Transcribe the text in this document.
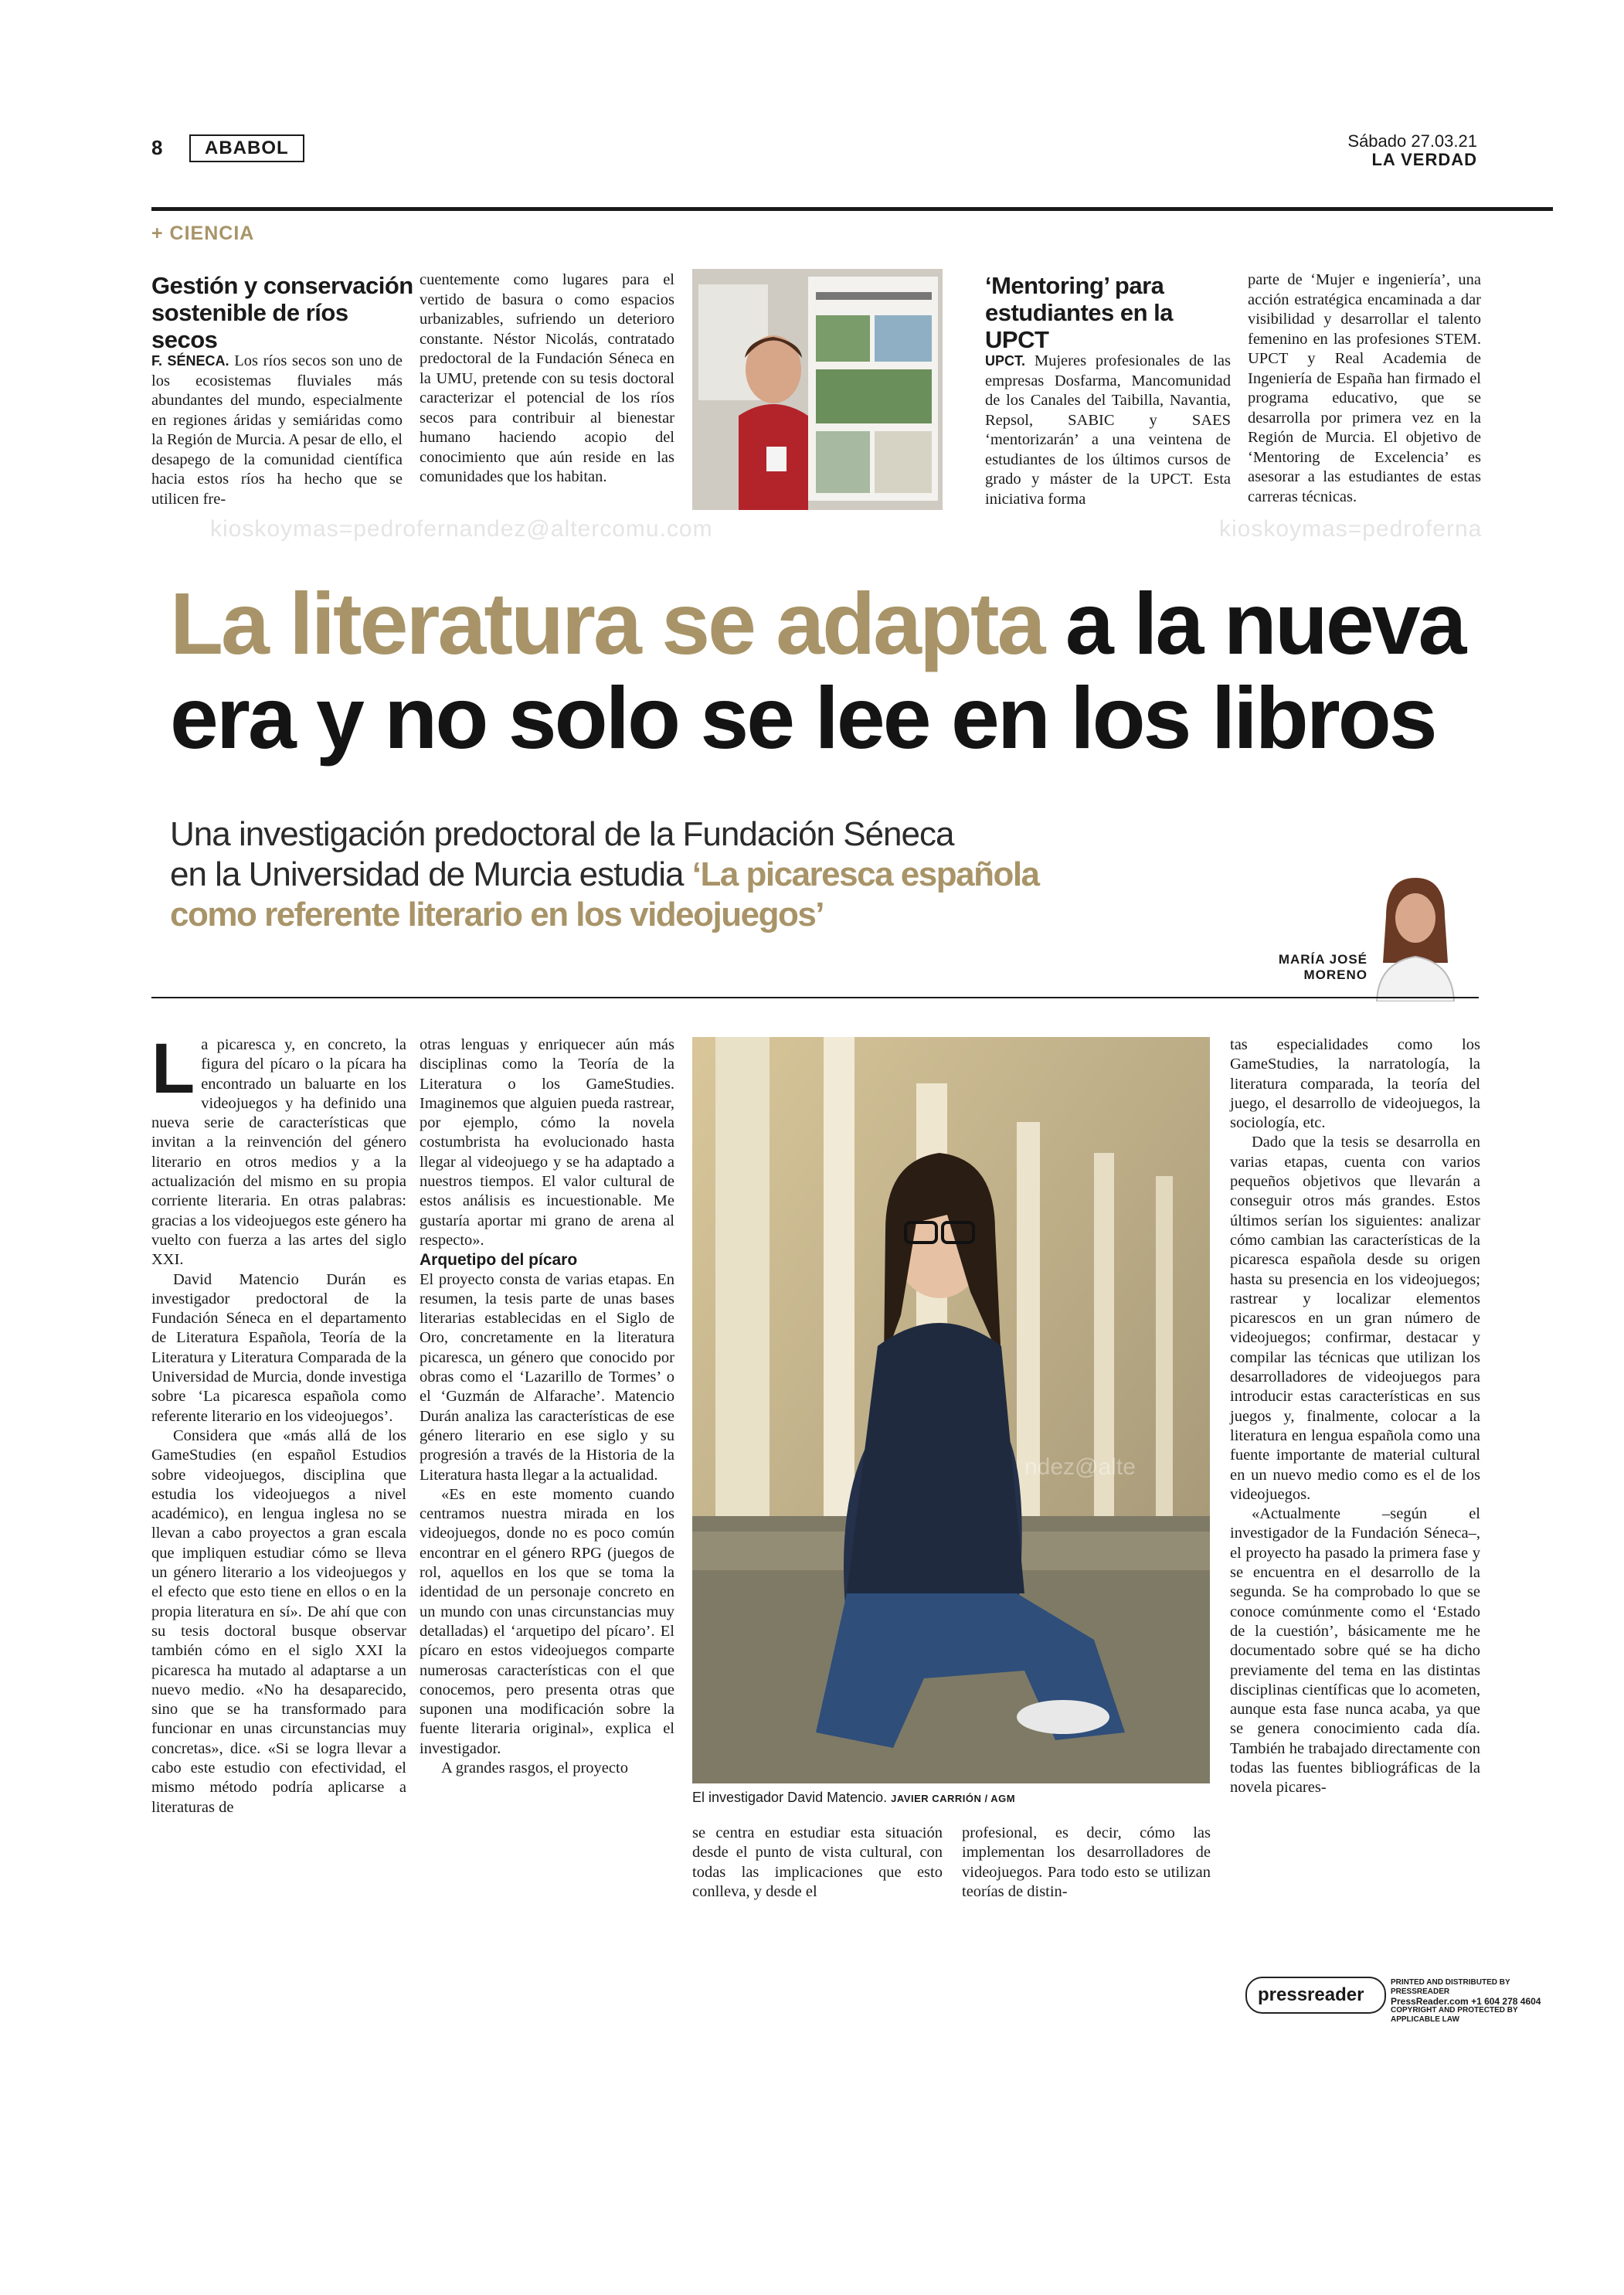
8	ABABOL	Sábado 27.03.21
LA VERDAD
+ CIENCIA
Gestión y conservación
sostenible de ríos secos

F. SÉNECA. Los ríos secos son uno de los ecosistemas fluviales más abundantes del mundo, especialmente en regiones áridas y semiáridas como la Región de Murcia. A pesar de ello, el desapego de la comunidad científica hacia estos ríos ha hecho que se utilicen fre-

cuentemente como lugares para el vertido de basura o como espacios urbanizables, sufriendo un deterioro constante. Néstor Nicolás, contratado predoctoral de la Fundación Séneca en la UMU, pretende con su tesis doctoral caracterizar el potencial de los ríos secos para contribuir al bienestar humano haciendo acopio del conocimiento que aún reside en las comunidades que los habitan.

‘Mentoring’ para
estudiantes en la UPCT

UPCT. Mujeres profesionales de las empresas Dosfarma, Mancomunidad de los Canales del Taibilla, Navantia, Repsol, SABIC y SAES ‘mentorizarán’ a una veintena de estudiantes de los últimos cursos de grado y máster de la UPCT. Esta iniciativa forma

parte de ‘Mujer e ingeniería’, una acción estratégica encaminada a dar visibilidad y desarrollar el talento femenino en las profesiones STEM. UPCT y Real Academia de Ingeniería de España han firmado el programa educativo, que se desarrolla por primera vez en la Región de Murcia. El objetivo de ‘Mentoring de Excelencia’ es asesorar a las estudiantes de estas carreras técnicas.

kioskoymas=pedrofernandez@altercomu.com	kioskoymas=pedroferna
La literatura se adapta a la nueva
era y no solo se lee en los libros
Una investigación predoctoral de la Fundación Séneca
en la Universidad de Murcia estudia ‘La picaresca española
como referente literario en los videojuegos’
MARÍA JOSÉ
MORENO

La picaresca y, en concreto, la figura del pícaro o la pícara ha encontrado un baluarte en los videojuegos y ha definido una nueva serie de características que invitan a la reinvención del género literario en otros medios y a la actualización del mismo en su propia corriente literaria. En otras palabras: gracias a los videojuegos este género ha vuelto con fuerza a las artes del siglo XXI.

David Matencio Durán es investigador predoctoral de la Fundación Séneca en el departamento de Literatura Española, Teoría de la Literatura y Literatura Comparada de la Universidad de Murcia, donde investiga sobre ‘La picaresca española como referente literario en los videojuegos’.

Considera que «más allá de los GameStudies (en español Estudios sobre videojuegos, disciplina que estudia los videojuegos a nivel académico), en lengua inglesa no se llevan a cabo proyectos a gran escala que impliquen estudiar cómo se lleva un género literario a los videojuegos y el efecto que esto tiene en ellos o en la propia literatura en sí». De ahí que con su tesis doctoral busque observar también cómo en el siglo XXI la picaresca ha mutado al adaptarse a un nuevo medio. «No ha desaparecido, sino que se ha transformado para funcionar en unas circunstancias muy concretas», dice. «Si se logra llevar a cabo este estudio con efectividad, el mismo método podría aplicarse a literaturas de

otras lenguas y enriquecer aún más disciplinas como la Teoría de la Literatura o los GameStudies. Imaginemos que alguien pueda rastrear, por ejemplo, cómo la novela costumbrista ha evolucionado hasta llegar al videojuego y se ha adaptado a nuestros tiempos. El valor cultural de estos análisis es incuestionable. Me gustaría aportar mi grano de arena al respecto».

Arquetipo del pícaro

El proyecto consta de varias etapas. En resumen, la tesis parte de unas bases literarias establecidas en el Siglo de Oro, concretamente en la literatura picaresca, un género que conocido por obras como el ‘Lazarillo de Tormes’ o el ‘Guzmán de Alfarache’. Matencio Durán analiza las características de ese género literario en ese siglo y su progresión a través de la Historia de la Literatura hasta llegar a la actualidad.

«Es en este momento cuando centramos nuestra mirada en los videojuegos, donde no es poco común encontrar en el género RPG (juegos de rol, aquellos en los que se toma la identidad de un personaje concreto en un mundo con unas circunstancias muy detalladas) el ‘arquetipo del pícaro’. El pícaro en estos videojuegos comparte numerosas características con el que conocemos, pero presenta otras que suponen una modificación sobre la fuente literaria original», explica el investigador.

A grandes rasgos, el proyecto

ndez@alte
El investigador David Matencio. JAVIER CARRIÓN / AGM

se centra en estudiar esta situación desde el punto de vista cultural, con todas las implicaciones que esto conlleva, y desde el

profesional, es decir, cómo las implementan los desarrolladores de videojuegos. Para todo esto se utilizan teorías de distin-

tas especialidades como los GameStudies, la narratología, la literatura comparada, la teoría del juego, el desarrollo de videojuegos, la sociología, etc.

Dado que la tesis se desarrolla en varias etapas, cuenta con varios pequeños objetivos que llevarán a conseguir otros más grandes. Estos últimos serían los siguientes: analizar cómo cambian las características de la picaresca española desde su origen hasta su presencia en los videojuegos; rastrear y localizar elementos picarescos en un gran número de videojuegos; confirmar, destacar y compilar las técnicas que utilizan los desarrolladores de videojuegos para introducir estas características en sus juegos y, finalmente, colocar a la literatura en lengua española como una fuente importante de material cultural en un nuevo medio como es el de los videojuegos.

«Actualmente –según el investigador de la Fundación Séneca–, el proyecto ha pasado la primera fase y se encuentra en el desarrollo de la segunda. Se ha comprobado lo que se conoce comúnmente como el ‘Estado de la cuestión’, básicamente me he documentado sobre qué se ha dicho previamente del tema en las distintas disciplinas científicas que lo acometen, aunque esta fase nunca acaba, ya que se genera conocimiento cada día. También he trabajado directamente con todas las fuentes bibliográficas de la novela picares-

pressreader
PRINTED AND DISTRIBUTED BY PRESSREADER
PressReader.com +1 604 278 4604
COPYRIGHT AND PROTECTED BY APPLICABLE LAW
